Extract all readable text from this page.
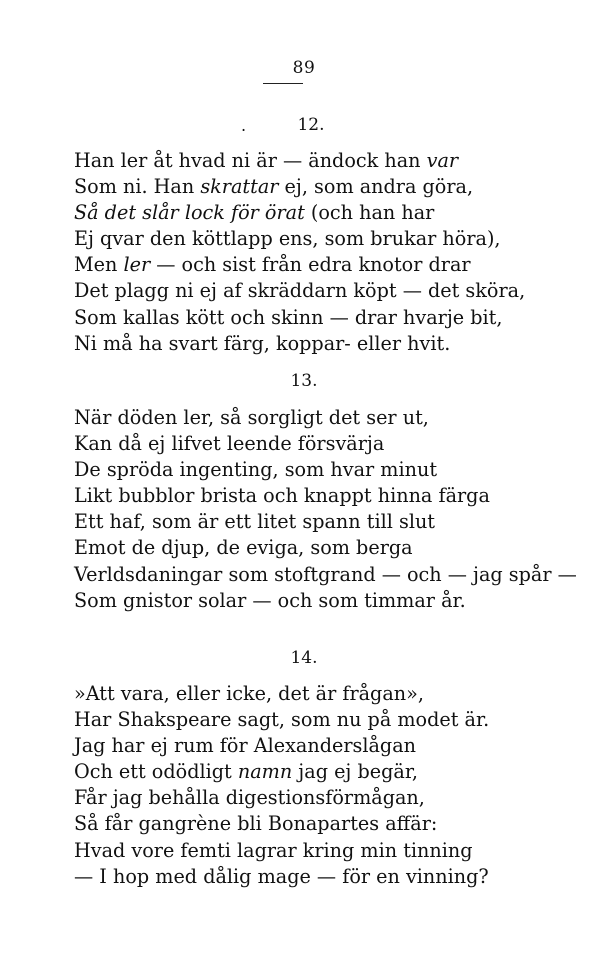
89
.	12.
Han ler åt hvad ni är — ändock han var
Som ni. Han skrattar ej, som andra göra,
Så det slår lock för örat (och han har
Ej qvar den köttlapp ens, som brukar höra),
Men ler — och sist från edra knotor drar
Det plagg ni ej af skräddarn köpt — det sköra,
Som kallas kött och skinn — drar hvarje bit,
Ni må ha svart färg, koppar- eller hvit.
13.
När döden ler, så sorgligt det ser ut,
Kan då ej lifvet leende försvärja
De spröda ingenting, som hvar minut
Likt bubblor brista och knappt hinna färga
Ett haf, som är ett litet spann till slut
Emot de djup, de eviga, som berga
Verldsdaningar som stoftgrand — och — jag spår —
Som gnistor solar — och som timmar år.
14.
»Att vara, eller icke, det är frågan»,
Har Shakspeare sagt, som nu på modet är.
Jag har ej rum för Alexanderslågan
Och ett odödligt namn jag ej begär,
Får jag behålla digestionsförmågan,
Så får gangrène bli Bonapartes affär:
Hvad vore femti lagrar kring min tinning
— I hop med dålig mage — för en vinning?
